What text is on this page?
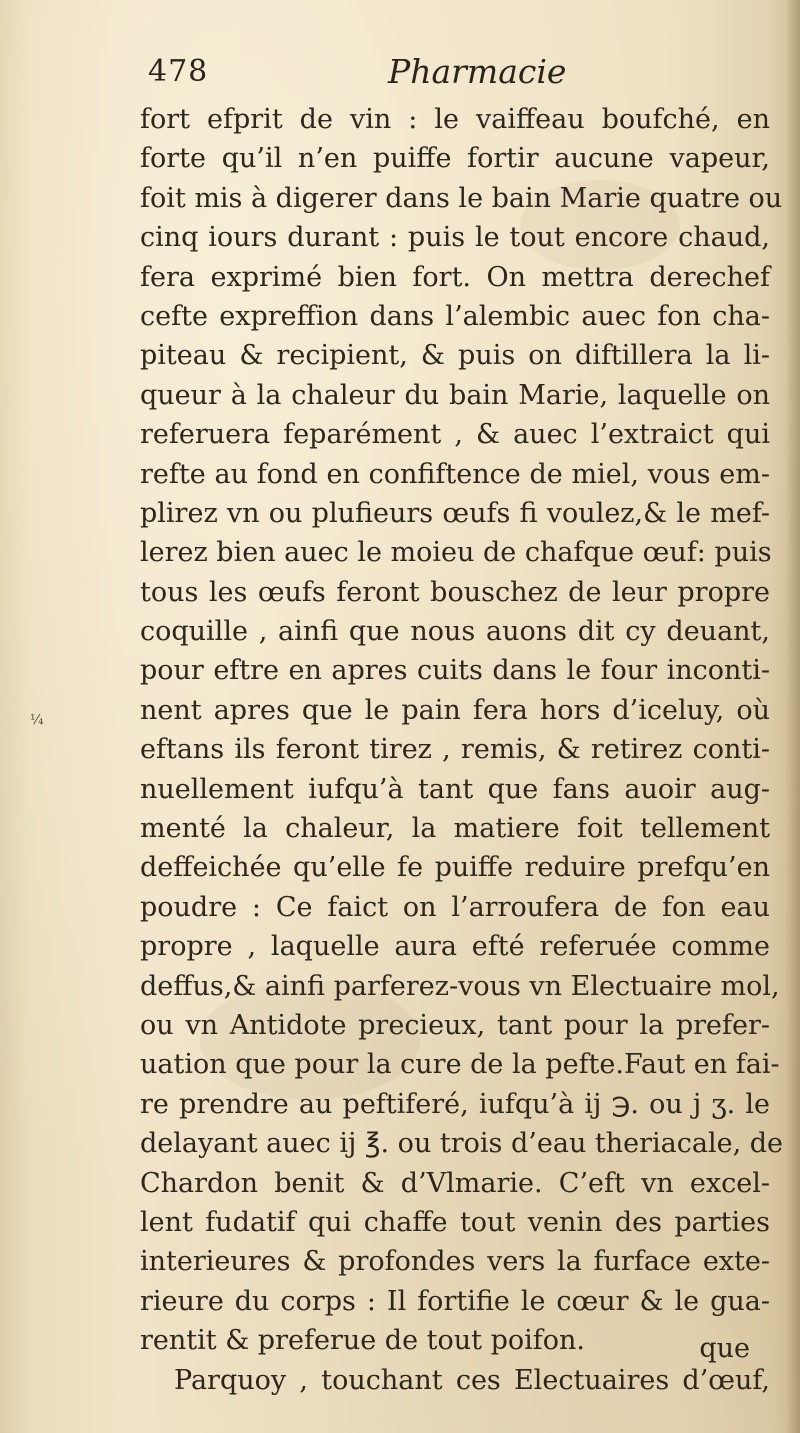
478	Pharmacie
¼
fort efprit de vin : le vaiffeau boufché, en
forte qu’il n’en puiffe fortir aucune vapeur,
foit mis à digerer dans le bain Marie quatre ou
cinq iours durant : puis le tout encore chaud,
fera exprimé bien fort. On mettra derechef
cefte expreffion dans l’alembic auec fon cha-
piteau & recipient, & puis on diftillera la li-
queur à la chaleur du bain Marie, laquelle on
referuera feparément , & auec l’extraict qui
refte au fond en confiftence de miel, vous em-
plirez vn ou plufieurs œufs fi voulez,& le mef-
lerez bien auec le moieu de chafque œuf: puis
tous les œufs feront bouschez de leur propre
coquille , ainfi que nous auons dit cy deuant,
pour eftre en apres cuits dans le four inconti-
nent apres que le pain fera hors d’iceluy, où
eftans ils feront tirez , remis, & retirez conti-
nuellement iufqu’à tant que fans auoir aug-
menté la chaleur, la matiere foit tellement
deffeichée qu’elle fe puiffe reduire prefqu’en
poudre : Ce faict on l’arroufera de fon eau
propre , laquelle aura efté referuée comme
deffus,& ainfi parferez-vous vn Electuaire mol,
ou vn Antidote precieux, tant pour la prefer-
uation que pour la cure de la pefte.Faut en fai-
re prendre au peftiferé, iufqu’à ij ℈. ou j ʒ. le
delayant auec ij ℥. ou trois d’eau theriacale, de
Chardon benit & d’Vlmarie. C’eft vn excel-
lent fudatif qui chaffe tout venin des parties
interieures & profondes vers la furface exte-
rieure du corps : Il fortifie le cœur & le gua-
rentit & preferue de tout poifon.
Parquoy , touchant ces Electuaires d’œuf,
que
